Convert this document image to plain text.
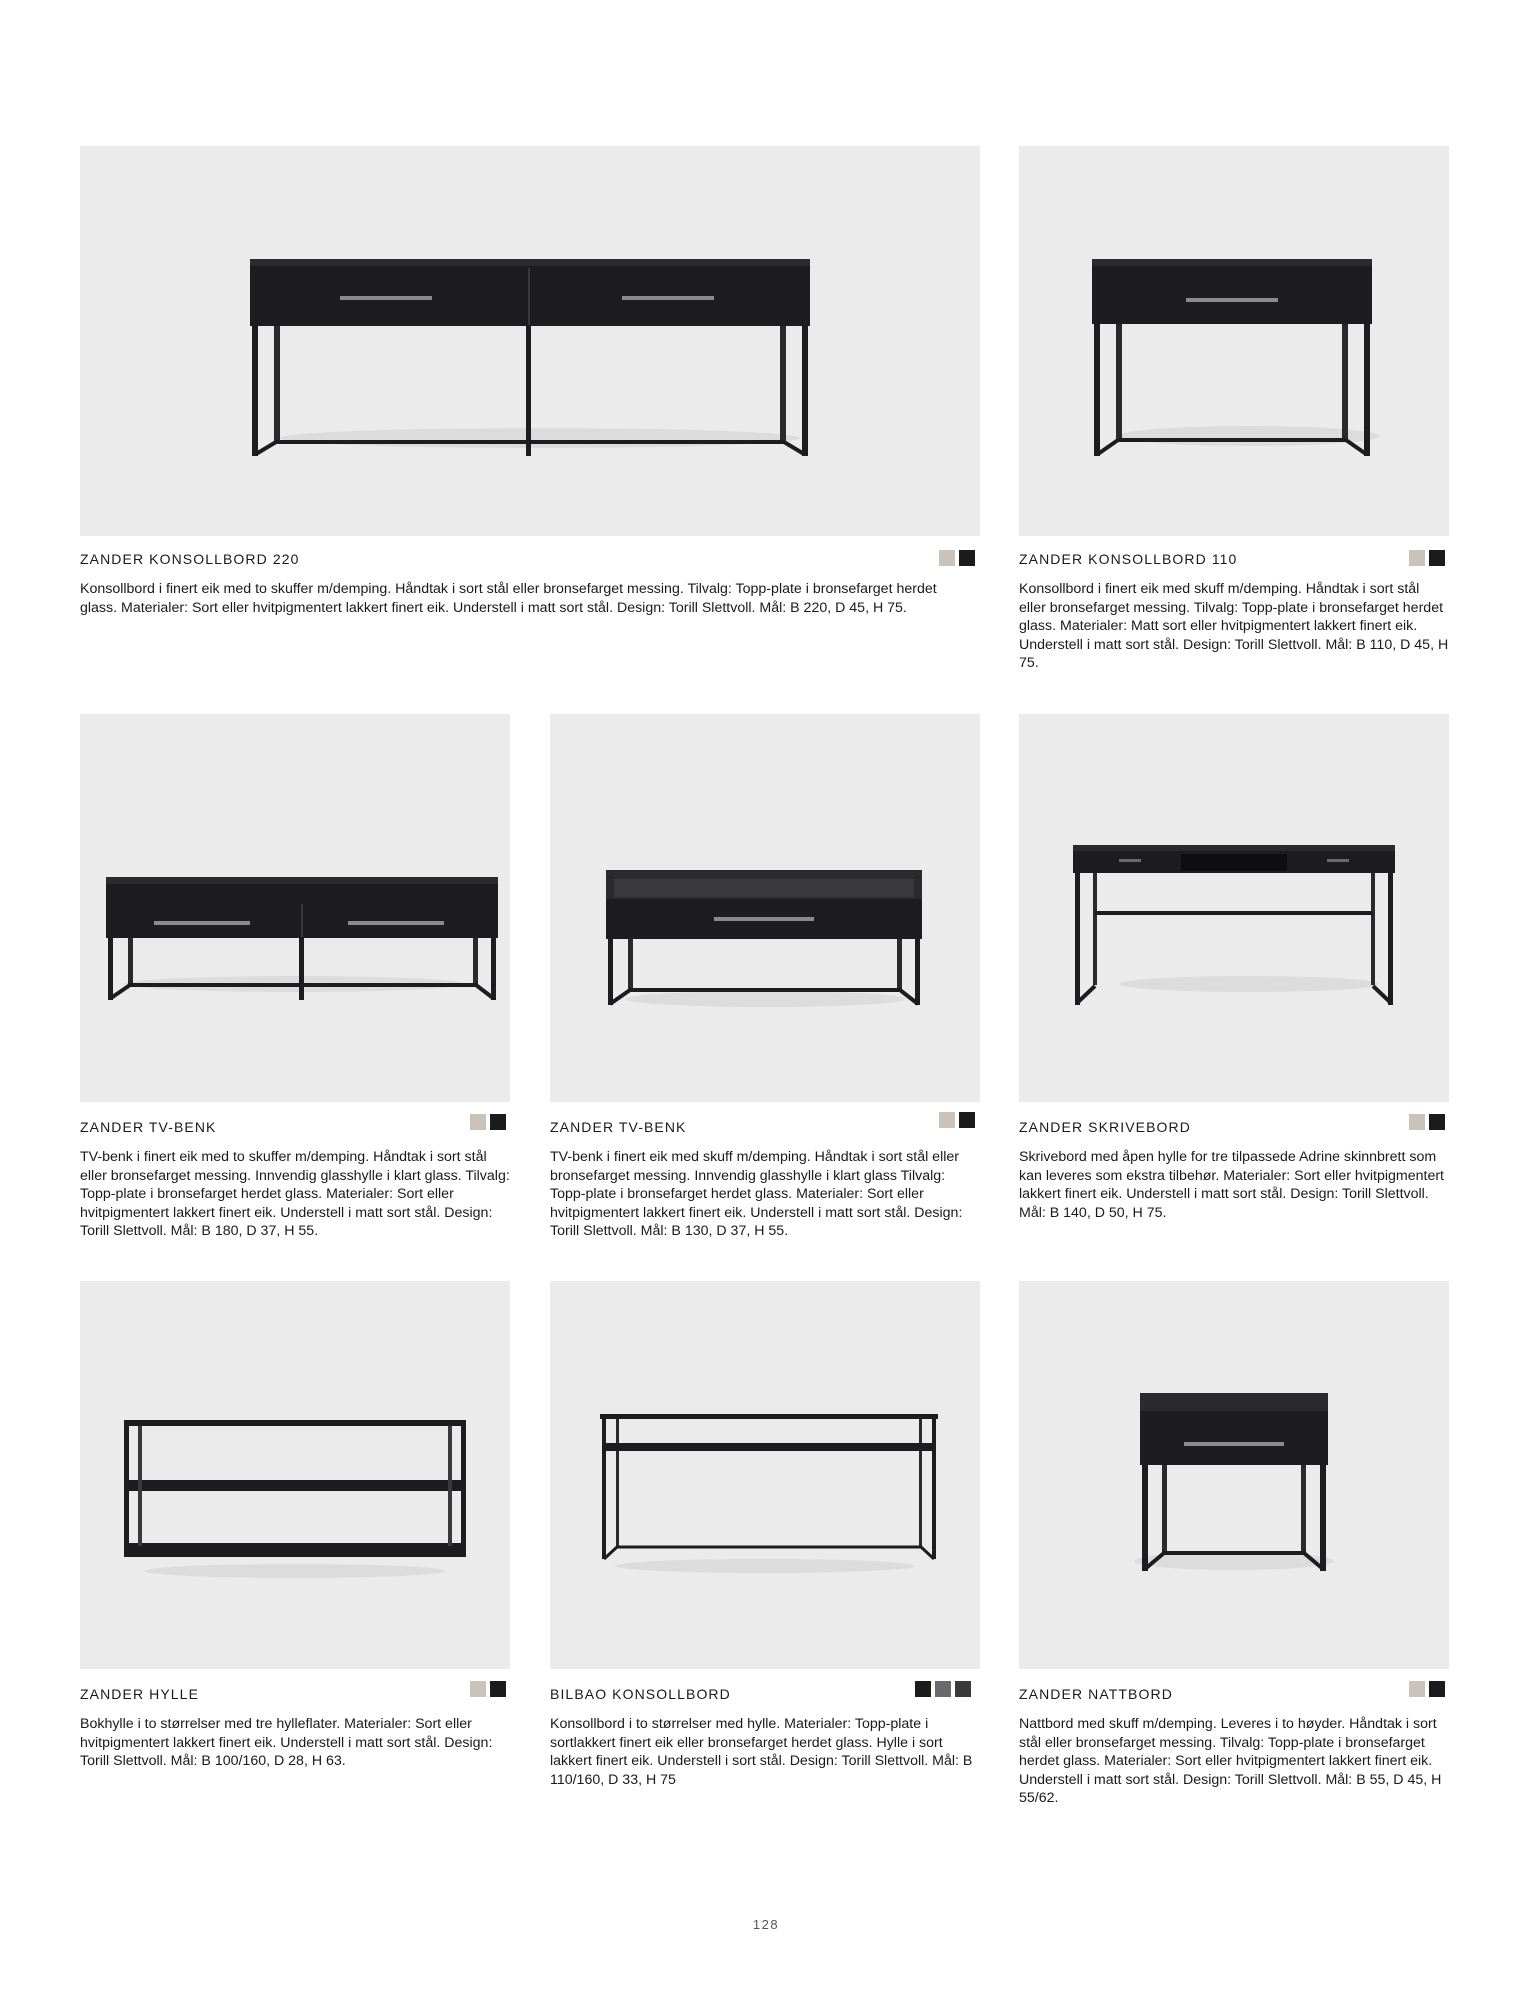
ZANDER KONSOLLBORD 220
Konsollbord i finert eik med to skuffer m/demping. Håndtak i sort stål eller bronsefarget messing. Tilvalg: Topp-plate i bronsefarget herdet glass. Materialer: Sort eller hvitpigmentert lakkert finert eik. Understell i matt sort stål. Design: Torill Slettvoll. Mål: B 220, D 45, H 75.
ZANDER KONSOLLBORD 110
Konsollbord i finert eik med skuff m/demping. Håndtak i sort stål eller bronsefarget messing. Tilvalg: Topp-plate i bronsefarget herdet glass. Materialer: Matt sort eller hvitpigmentert lakkert finert eik. Understell i matt sort stål. Design: Torill Slettvoll. Mål: B 110, D 45, H 75.
ZANDER TV-BENK
TV-benk i finert eik med to skuffer m/demping. Håndtak i sort stål eller bronsefarget messing. Innvendig glasshylle i klart glass. Tilvalg: Topp-plate i bronsefarget herdet glass. Materialer: Sort eller hvitpigmentert lakkert finert eik. Understell i matt sort stål. Design: Torill Slettvoll. Mål: B 180, D 37, H 55.
ZANDER TV-BENK
TV-benk i finert eik med skuff m/demping. Håndtak i sort stål eller bronsefarget messing. Innvendig glasshylle i klart glass Tilvalg: Topp-plate i bronsefarget herdet glass. Materialer: Sort eller hvitpigmentert lakkert finert eik. Understell i matt sort stål. Design: Torill Slettvoll. Mål: B 130, D 37, H 55.
ZANDER SKRIVEBORD
Skrivebord med åpen hylle for tre tilpassede Adrine skinnbrett som kan leveres som ekstra tilbehør. Materialer: Sort eller hvitpigmentert lakkert finert eik. Understell i matt sort stål. Design: Torill Slettvoll. Mål: B 140, D 50, H 75.
ZANDER HYLLE
Bokhylle i to størrelser med tre hylleflater. Materialer: Sort eller hvitpigmentert lakkert finert eik. Understell i matt sort stål. Design: Torill Slettvoll. Mål: B 100/160, D 28, H 63.
BILBAO KONSOLLBORD
Konsollbord i to størrelser med hylle. Materialer: Topp-plate i sortlakkert finert eik eller bronsefarget herdet glass. Hylle i sort lakkert finert eik. Understell i sort stål. Design: Torill Slettvoll. Mål: B 110/160, D 33, H 75
ZANDER NATTBORD
Nattbord med skuff m/demping. Leveres i to høyder. Håndtak i sort stål eller bronsefarget messing. Tilvalg: Topp-plate i bronsefarget herdet glass. Materialer: Sort eller hvitpigmentert lakkert finert eik. Understell i matt sort stål. Design: Torill Slettvoll. Mål: B 55, D 45, H 55/62.
128
